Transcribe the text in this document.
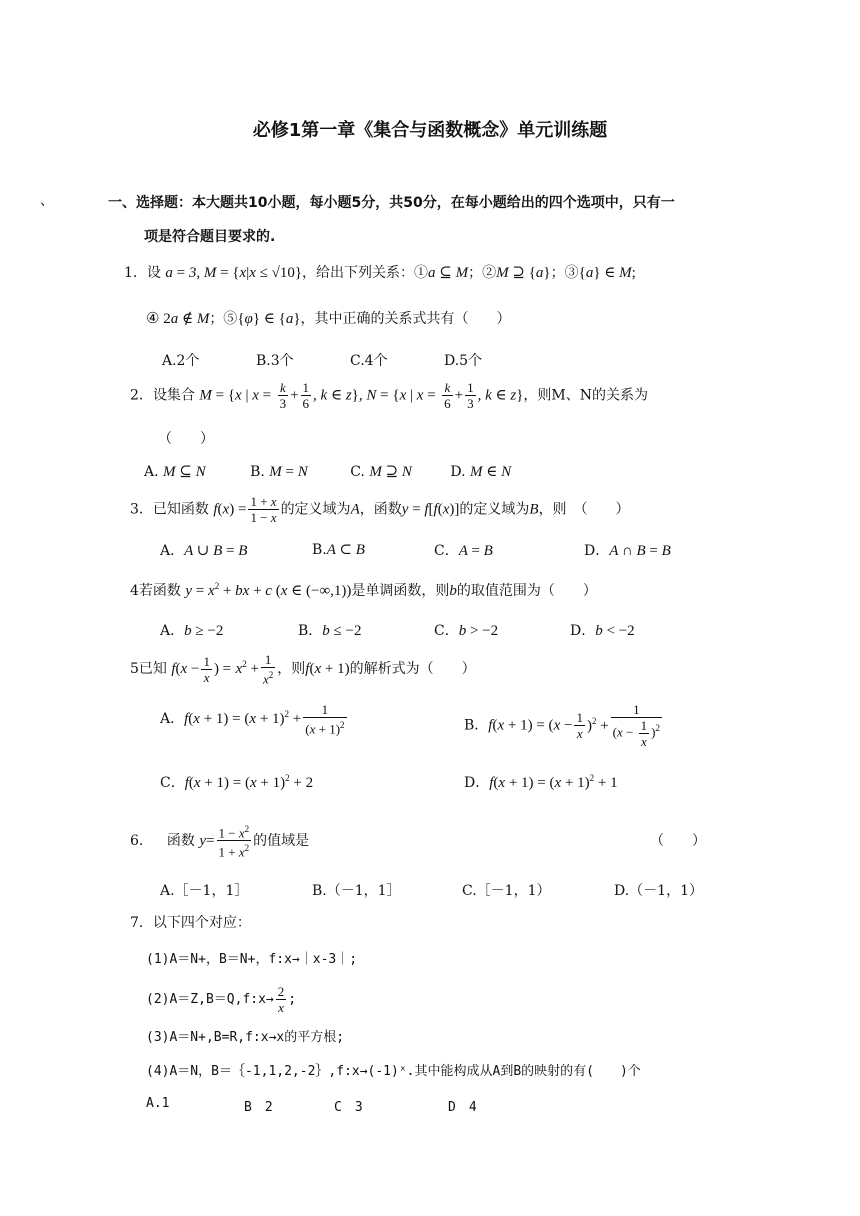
必修1第一章《集合与函数概念》单元训练题
、	一、选择题：本大题共10小题，每小题5分，共50分，在每小题给出的四个选项中，只有一
项是符合题目要求的.
1．设 a = 3, M = {x|x ≤ √10}，给出下列关系：①a ⊆ M；②M ⊇ {a}；③{a} ∈ M;
④ 2a ∉ M；⑤{φ} ∈ {a}，其中正确的关系式共有（　　）
A.2个	B.3个	C.4个	D.5个
2．设集合 M = {x | $x = \frac{k}{3} + \frac{1}{6}$ , k ∈ z}, N = {x | $x = \frac{k}{6} + \frac{1}{3}$ , k ∈ z}，则M、N的关系为
（　　）
A. M ⊆ N	B. M = N	C. M ⊇ N	D. M ∈ N
3．已知函数 $f(x) = \frac{1 + x}{1 - x}$ 的定义域为A，函数y = f[f(x)]的定义域为B，则　（　　）
A．A ∪ B = B	B.A ⊂ B	C．A = B	D．A ∩ B = B
4若函数 $y = x^2$ + bx + c (x ∈ (−∞,1))是单调函数，则b的取值范围为（　　）
A．b ≥ −2	B．b ≤ −2	C．b > −2	D．b < −2
5已知 $f(x - \frac{1}{x}$ ) = $x^2 + \frac{1}{x^2}$ ，则f(x + 1)的解析式为（　　）
A．$f(x + 1) = (x + 1)^2 + \frac{1}{(x + 1)^2}$	B．$f(x + 1) = (x - \frac{1}{x} )^2 + \frac{1}{(x - \frac{1}{x} )^2}$
C．$f(x + 1) = (x + 1)^2 + 2$	D．$f(x + 1) = (x + 1)^2 + 1$
6． 函数 $y= \frac{1 - x^2}{1 + x^2}$ 的值域是	（　　）
A.［－1，1］	B.（－1，1］	C.［－1，1）	D.（－1，1）
7．以下四个对应：
(1)A＝N+，B＝N+，f:x→｜x-3｜;
(2)A＝Z,B＝Q,f:x→ $\frac{2}{x}$ ;
(3)A＝N+,B=R,f:x→x的平方根;
(4)A＝N，B＝｛-1,1,2,-2｝,f:x→(-1)ˣ.其中能构成从A到B的映射的有(　　)个
A.1	B　2	C　3	D　4
